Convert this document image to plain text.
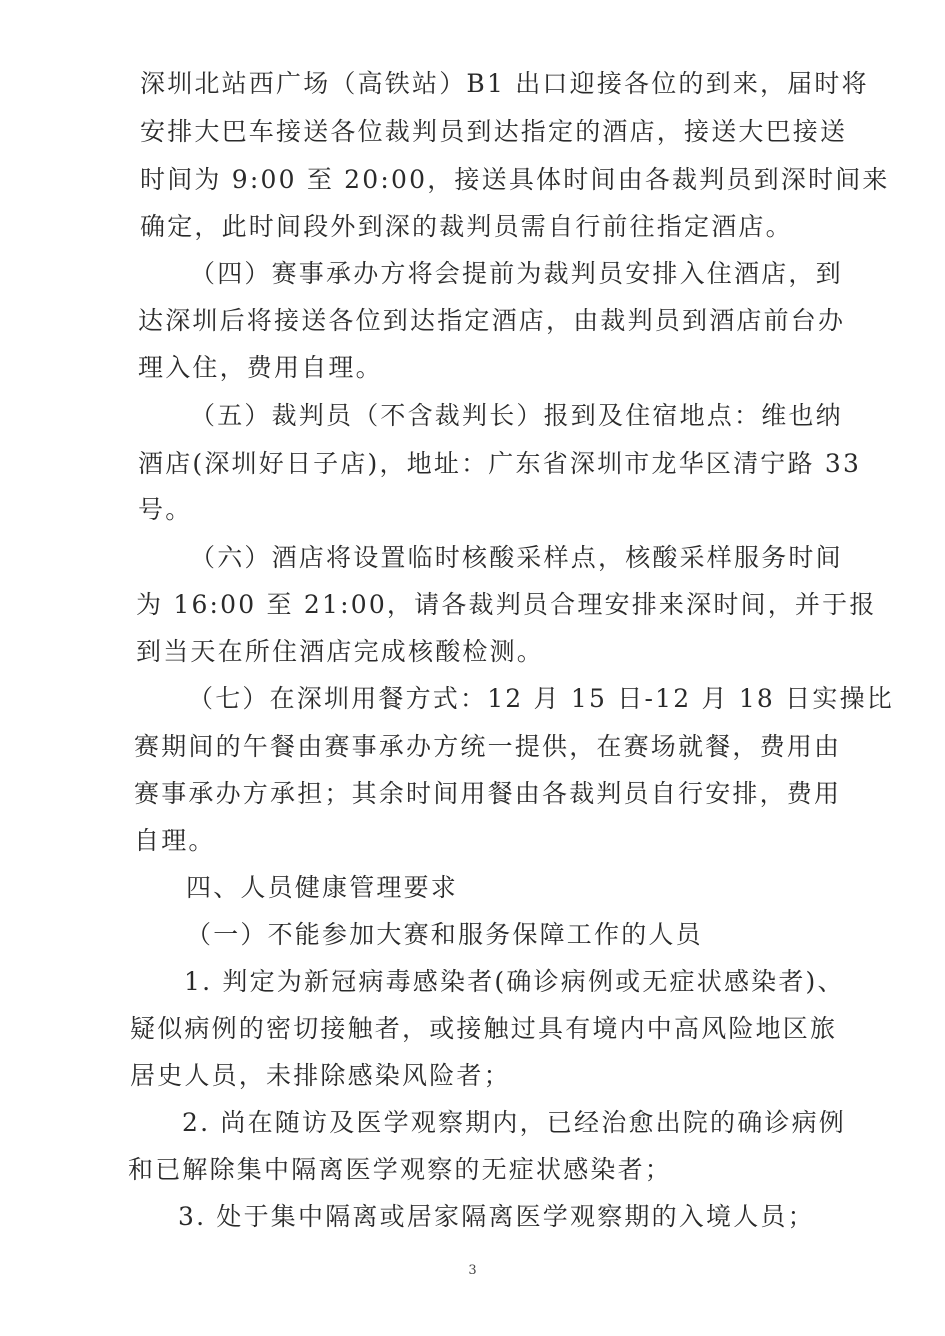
深圳北站西广场（高铁站）B1 出口迎接各位的到来，届时将
安排大巴车接送各位裁判员到达指定的酒店，接送大巴接送
时间为 9:00 至 20:00，接送具体时间由各裁判员到深时间来
确定，此时间段外到深的裁判员需自行前往指定酒店。
（四）赛事承办方将会提前为裁判员安排入住酒店，到
达深圳后将接送各位到达指定酒店，由裁判员到酒店前台办
理入住，费用自理。
（五）裁判员（不含裁判长）报到及住宿地点：维也纳
酒店(深圳好日子店)，地址：广东省深圳市龙华区清宁路 33
号。
（六）酒店将设置临时核酸采样点，核酸采样服务时间
为 16:00 至 21:00，请各裁判员合理安排来深时间，并于报
到当天在所住酒店完成核酸检测。
（七）在深圳用餐方式：12 月 15 日-12 月 18 日实操比
赛期间的午餐由赛事承办方统一提供，在赛场就餐，费用由
赛事承办方承担；其余时间用餐由各裁判员自行安排，费用
自理。
四、人员健康管理要求
（一）不能参加大赛和服务保障工作的人员
1. 判定为新冠病毒感染者(确诊病例或无症状感染者)、
疑似病例的密切接触者，或接触过具有境内中高风险地区旅
居史人员，未排除感染风险者；
2. 尚在随访及医学观察期内，已经治愈出院的确诊病例
和已解除集中隔离医学观察的无症状感染者；
3. 处于集中隔离或居家隔离医学观察期的入境人员；
3
